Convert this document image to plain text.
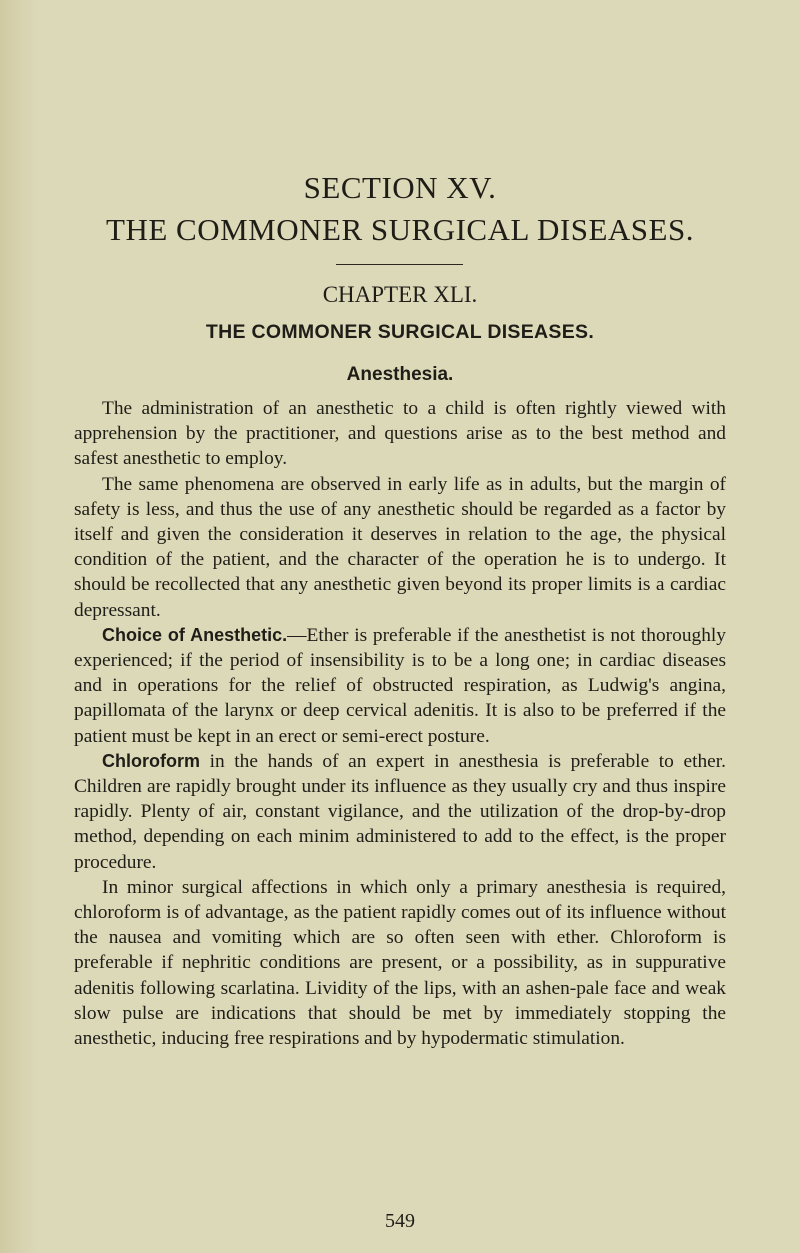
SECTION XV.
THE COMMONER SURGICAL DISEASES.
CHAPTER XLI.
THE COMMONER SURGICAL DISEASES.
Anesthesia.

The administration of an anesthetic to a child is often rightly viewed with apprehension by the practitioner, and questions arise as to the best method and safest anesthetic to employ.

The same phenomena are observed in early life as in adults, but the margin of safety is less, and thus the use of any anesthetic should be regarded as a factor by itself and given the consideration it deserves in relation to the age, the physical condition of the patient, and the character of the operation he is to undergo. It should be recollected that any anesthetic given beyond its proper limits is a cardiac depressant.

Choice of Anesthetic.—Ether is preferable if the anesthetist is not thoroughly experienced; if the period of insensibility is to be a long one; in cardiac diseases and in operations for the relief of obstructed respiration, as Ludwig's angina, papillomata of the larynx or deep cervical adenitis. It is also to be preferred if the patient must be kept in an erect or semi-erect posture.

Chloroform in the hands of an expert in anesthesia is preferable to ether. Children are rapidly brought under its influence as they usually cry and thus inspire rapidly. Plenty of air, constant vigilance, and the utilization of the drop-by-drop method, depending on each minim administered to add to the effect, is the proper procedure.

In minor surgical affections in which only a primary anesthesia is required, chloroform is of advantage, as the patient rapidly comes out of its influence without the nausea and vomiting which are so often seen with ether. Chloroform is preferable if nephritic conditions are present, or a possibility, as in suppurative adenitis following scarlatina. Lividity of the lips, with an ashen-pale face and weak slow pulse are indications that should be met by immediately stopping the anesthetic, inducing free respirations and by hypodermatic stimulation.

549
